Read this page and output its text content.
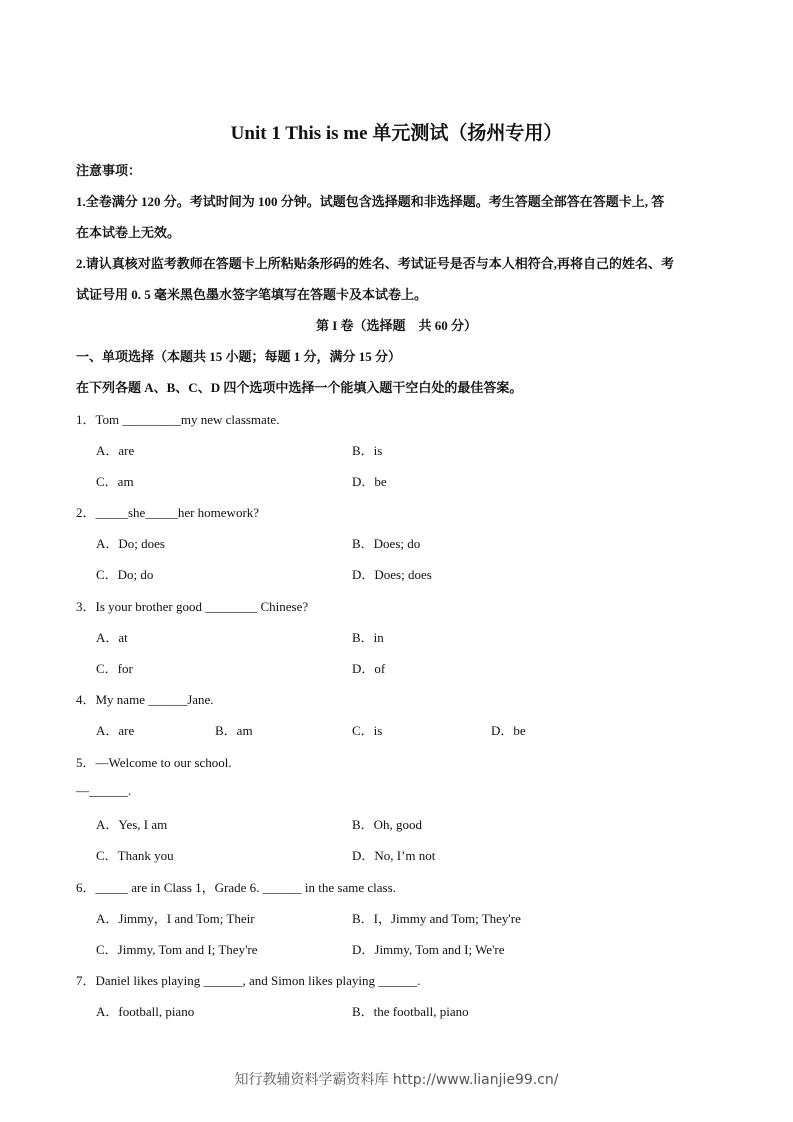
Unit 1 This is me 单元测试（扬州专用）
注意事项：
1.全卷满分 120 分。考试时间为 100 分钟。试题包含选择题和非选择题。考生答题全部答在答题卡上, 答
在本试卷上无效。
2.请认真核对监考教师在答题卡上所粘贴条形码的姓名、考试证号是否与本人相符合,再将自己的姓名、考
试证号用 0. 5 毫米黑色墨水签字笔填写在答题卡及本试卷上。
第 I 卷（选择题　共 60 分）
一、单项选择（本题共 15 小题；每题 1 分，满分 15 分）
在下列各题 A、B、C、D 四个选项中选择一个能填入题干空白处的最佳答案。
1．Tom _________my new classmate.
A．are	B．is
C．am	D．be
2．_____she_____her homework?
A．Do; does	B．Does; do
C．Do; do	D．Does; does
3．Is your brother good ________ Chinese?
A．at	B．in
C．for	D．of
4．My name ______Jane.
A．are	B．am	C．is	D．be
5．—Welcome to our school.
—______.
A．Yes, I am	B．Oh, good
C．Thank you	D．No, I’m not
6．_____ are in Class 1，Grade 6. ______ in the same class.
A．Jimmy，I and Tom; Their	B．I，Jimmy and Tom; They're
C．Jimmy, Tom and I; They're	D．Jimmy, Tom and I; We're
7．Daniel likes playing ______, and Simon likes playing ______.
A．football, piano	B．the football, piano
知行教辅资料学霸资料库 http://www.lianjie99.cn/
